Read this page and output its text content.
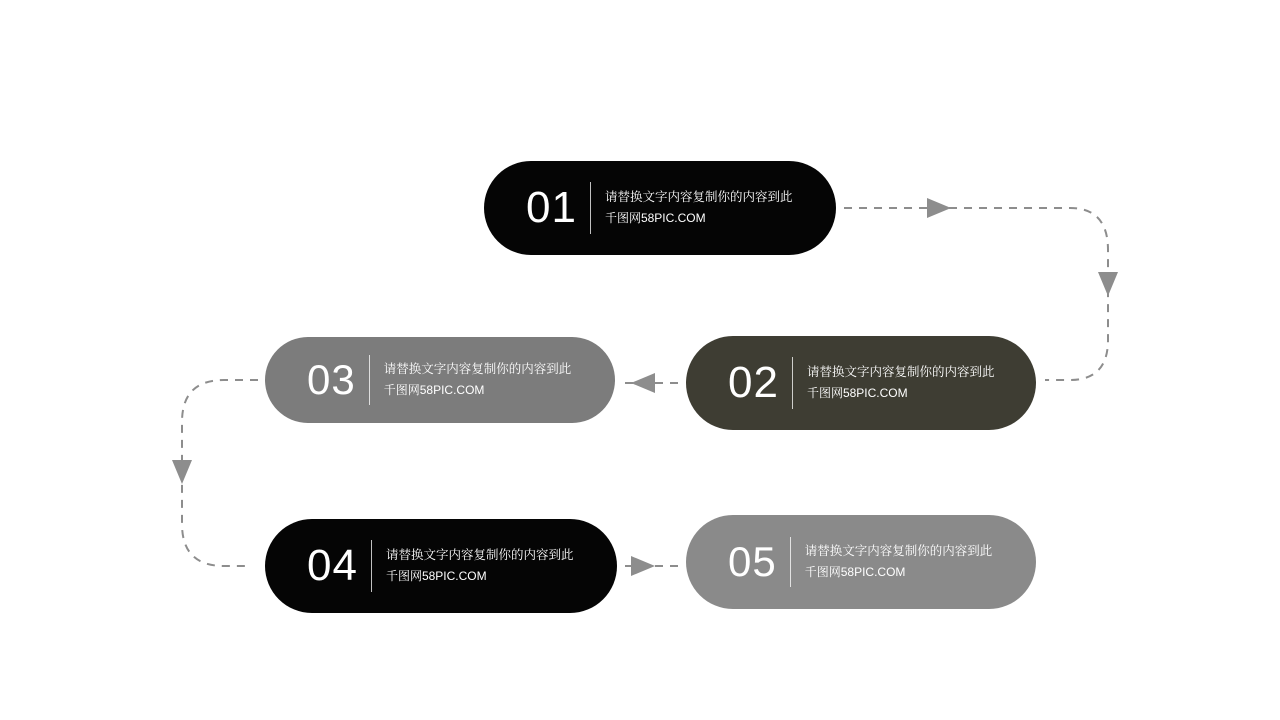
01	请替换文字内容复制你的内容到此
千图网58PIC.COM
02	请替换文字内容复制你的内容到此
千图网58PIC.COM
03	请替换文字内容复制你的内容到此
千图网58PIC.COM
04	请替换文字内容复制你的内容到此
千图网58PIC.COM	05	请替换文字内容复制你的内容到此
千图网58PIC.COM
